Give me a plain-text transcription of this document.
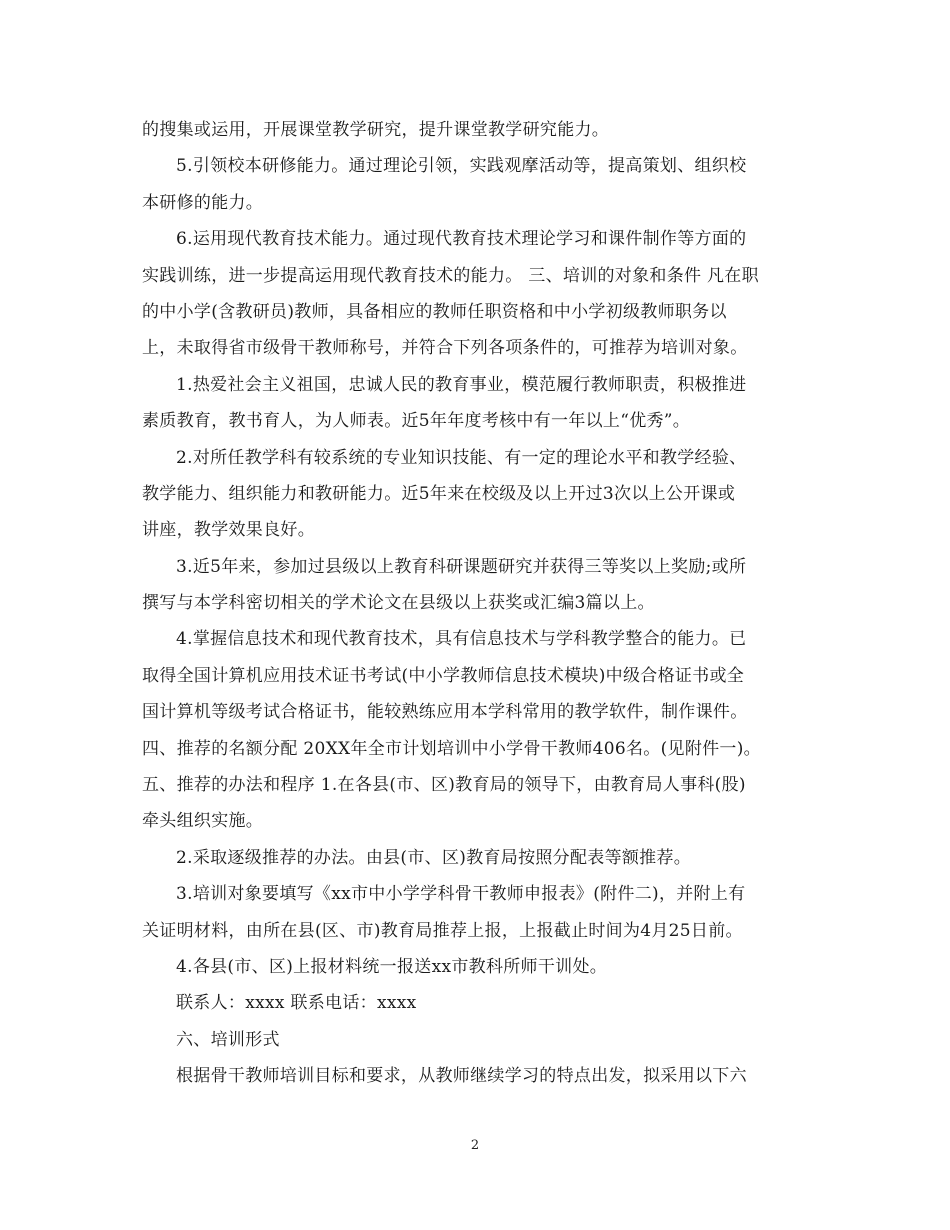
的搜集或运用，开展课堂教学研究，提升课堂教学研究能力。
5.引领校本研修能力。通过理论引领，实践观摩活动等，提高策划、组织校
本研修的能力。
6.运用现代教育技术能力。通过现代教育技术理论学习和课件制作等方面的
实践训练，进一步提高运用现代教育技术的能力。 三、培训的对象和条件 凡在职
的中小学(含教研员)教师，具备相应的教师任职资格和中小学初级教师职务以
上，未取得省市级骨干教师称号，并符合下列各项条件的，可推荐为培训对象。
1.热爱社会主义祖国，忠诚人民的教育事业，模范履行教师职责，积极推进
素质教育，教书育人，为人师表。近5年年度考核中有一年以上“优秀”。
2.对所任教学科有较系统的专业知识技能、有一定的理论水平和教学经验、
教学能力、组织能力和教研能力。近5年来在校级及以上开过3次以上公开课或
讲座，教学效果良好。
3.近5年来，参加过县级以上教育科研课题研究并获得三等奖以上奖励;或所
撰写与本学科密切相关的学术论文在县级以上获奖或汇编3篇以上。
4.掌握信息技术和现代教育技术，具有信息技术与学科教学整合的能力。已
取得全国计算机应用技术证书考试(中小学教师信息技术模块)中级合格证书或全
国计算机等级考试合格证书，能较熟练应用本学科常用的教学软件，制作课件。
四、推荐的名额分配 20XX年全市计划培训中小学骨干教师406名。(见附件一)。
五、推荐的办法和程序 1.在各县(市、区)教育局的领导下，由教育局人事科(股)
牵头组织实施。
2.采取逐级推荐的办法。由县(市、区)教育局按照分配表等额推荐。
3.培训对象要填写《xx市中小学学科骨干教师申报表》(附件二)，并附上有
关证明材料，由所在县(区、市)教育局推荐上报，上报截止时间为4月25日前。
4.各县(市、区)上报材料统一报送xx市教科所师干训处。
联系人：xxxx 联系电话：xxxx
六、培训形式
根据骨干教师培训目标和要求，从教师继续学习的特点出发，拟采用以下六
2
